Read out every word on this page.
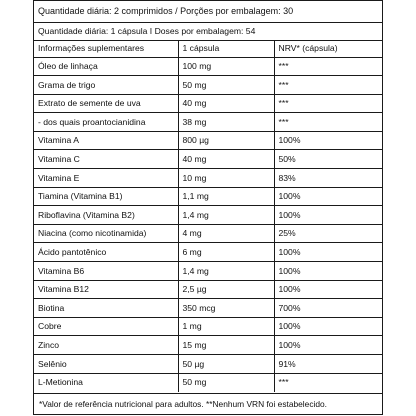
Quantidade diária: 2 comprimidos / Porções por embalagem: 30
Quantidade diária: 1 cápsula I Doses por embalagem: 54
Informações suplementares	1 cápsula	NRV* (cápsula)
Óleo de linhaça	100 mg	***
Grama de trigo	50 mg	***
Extrato de semente de uva	40 mg	***
- dos quais proantocianidina	38 mg	***
Vitamina A	800 µg	100%
Vitamina C	40 mg	50%
Vitamina E	10 mg	83%
Tiamina (Vitamina B1)	1,1 mg	100%
Riboflavina (Vitamina B2)	1,4 mg	100%
Niacina (como nicotinamida)	4 mg	25%
Ácido pantotênico	6 mg	100%
Vitamina B6	1,4 mg	100%
Vitamina B12	2,5 µg	100%
Biotina	350 mcg	700%
Cobre	1 mg	100%
Zinco	15 mg	100%
Selênio	50 µg	91%
L-Metionina	50 mg	***
*Valor de referência nutricional para adultos. **Nenhum VRN foi estabelecido.
